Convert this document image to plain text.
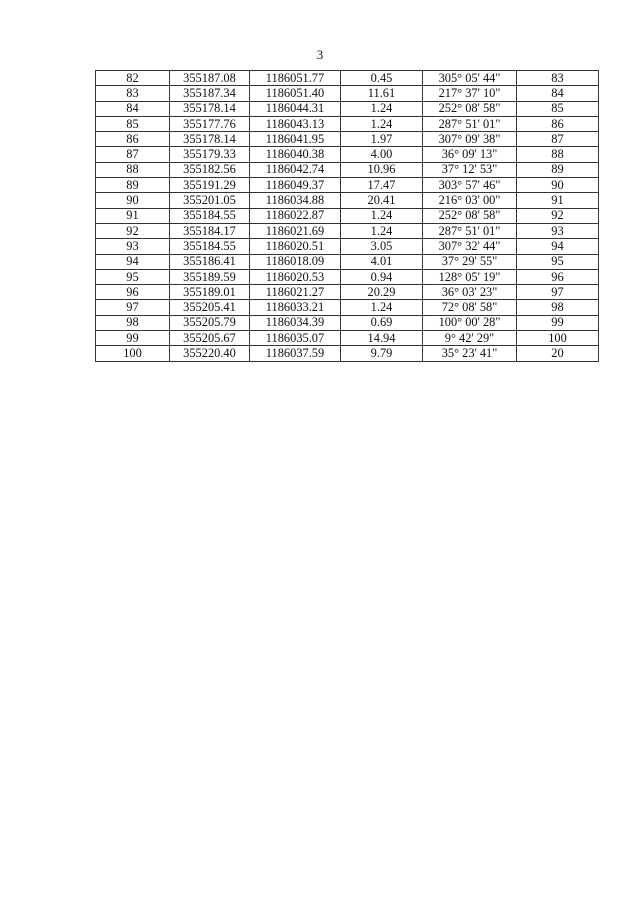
3
82	355187.08	1186051.77	0.45	305° 05' 44"	83
83	355187.34	1186051.40	11.61	217° 37' 10"	84
84	355178.14	1186044.31	1.24	252° 08' 58"	85
85	355177.76	1186043.13	1.24	287° 51' 01"	86
86	355178.14	1186041.95	1.97	307° 09' 38"	87
87	355179.33	1186040.38	4.00	36° 09' 13"	88
88	355182.56	1186042.74	10.96	37° 12' 53"	89
89	355191.29	1186049.37	17.47	303° 57' 46"	90
90	355201.05	1186034.88	20.41	216° 03' 00"	91
91	355184.55	1186022.87	1.24	252° 08' 58"	92
92	355184.17	1186021.69	1.24	287° 51' 01"	93
93	355184.55	1186020.51	3.05	307° 32' 44"	94
94	355186.41	1186018.09	4.01	37° 29' 55"	95
95	355189.59	1186020.53	0.94	128° 05' 19"	96
96	355189.01	1186021.27	20.29	36° 03' 23"	97
97	355205.41	1186033.21	1.24	72° 08' 58"	98
98	355205.79	1186034.39	0.69	100° 00' 28"	99
99	355205.67	1186035.07	14.94	9° 42' 29"	100
100	355220.40	1186037.59	9.79	35° 23' 41"	20
